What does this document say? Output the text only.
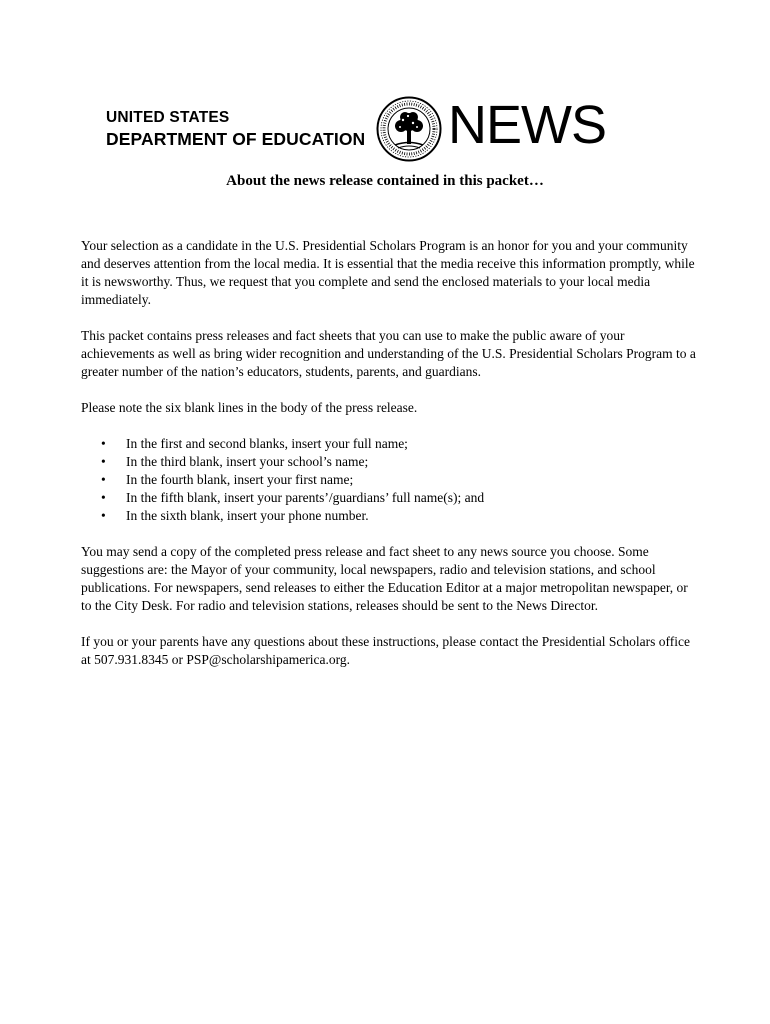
UNITED STATES
DEPARTMENT OF EDUCATION NEWS
About the news release contained in this packet…

Your selection as a candidate in the U.S. Presidential Scholars Program is an honor for you and your community and deserves attention from the local media. It is essential that the media receive this information promptly, while it is newsworthy. Thus, we request that you complete and send the enclosed materials to your local media immediately.

This packet contains press releases and fact sheets that you can use to make the public aware of your achievements as well as bring wider recognition and understanding of the U.S. Presidential Scholars Program to a greater number of the nation’s educators, students, parents, and guardians.

Please note the six blank lines in the body of the press release.

• In the first and second blanks, insert your full name;
• In the third blank, insert your school’s name;
• In the fourth blank, insert your first name;
• In the fifth blank, insert your parents’/guardians’ full name(s); and
• In the sixth blank, insert your phone number.

You may send a copy of the completed press release and fact sheet to any news source you choose. Some suggestions are: the Mayor of your community, local newspapers, radio and television stations, and school publications. For newspapers, send releases to either the Education Editor at a major metropolitan newspaper, or to the City Desk. For radio and television stations, releases should be sent to the News Director.

If you or your parents have any questions about these instructions, please contact the Presidential Scholars office at 507.931.8345 or PSP@scholarshipamerica.org.
